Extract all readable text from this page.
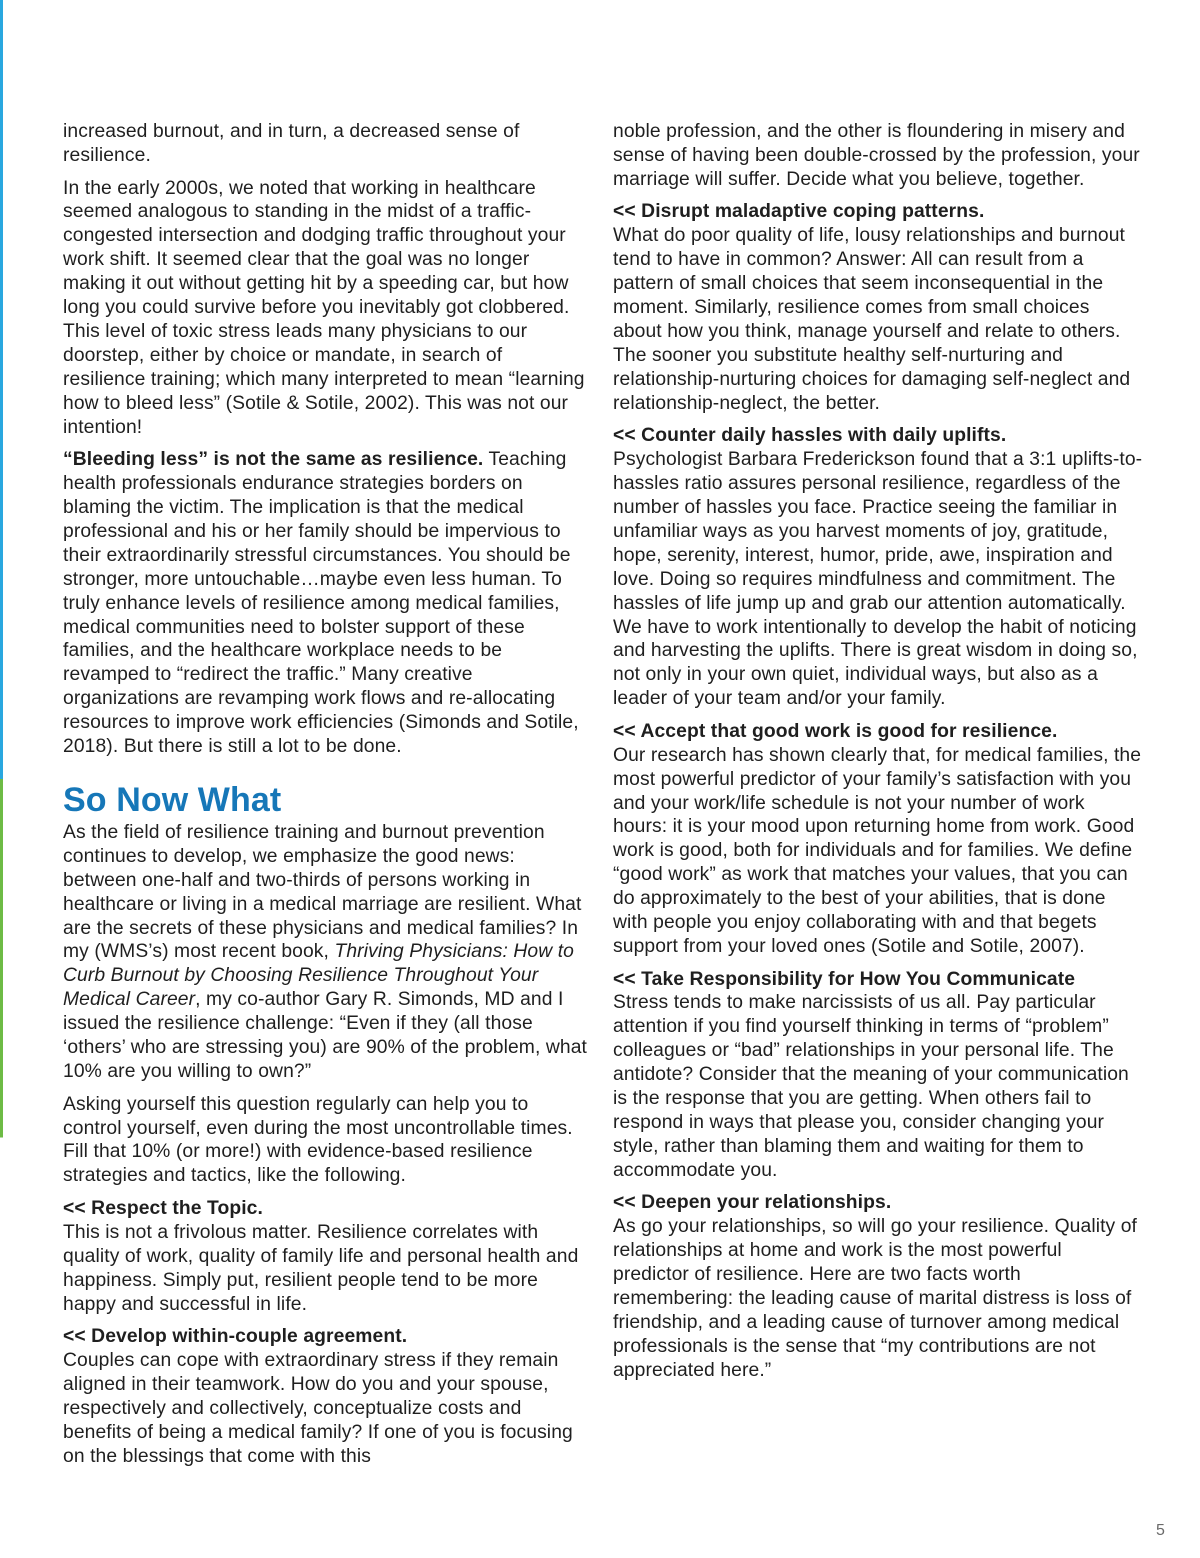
increased burnout, and in turn, a decreased sense of resilience.

In the early 2000s, we noted that working in healthcare seemed analogous to standing in the midst of a traffic-congested intersection and dodging traffic throughout your work shift. It seemed clear that the goal was no longer making it out without getting hit by a speeding car, but how long you could survive before you inevitably got clobbered. This level of toxic stress leads many physicians to our doorstep, either by choice or mandate, in search of resilience training; which many interpreted to mean “learning how to bleed less” (Sotile & Sotile, 2002). This was not our intention!

“Bleeding less” is not the same as resilience. Teaching health professionals endurance strategies borders on blaming the victim. The implication is that the medical professional and his or her family should be impervious to their extraordinarily stressful circumstances. You should be stronger, more untouchable…maybe even less human. To truly enhance levels of resilience among medical families, medical communities need to bolster support of these families, and the healthcare workplace needs to be revamped to “redirect the traffic.” Many creative organizations are revamping work flows and re-allocating resources to improve work efficiencies (Simonds and Sotile, 2018). But there is still a lot to be done.

So Now What

As the field of resilience training and burnout prevention continues to develop, we emphasize the good news: between one-half and two-thirds of persons working in healthcare or living in a medical marriage are resilient. What are the secrets of these physicians and medical families? In my (WMS’s) most recent book, Thriving Physicians: How to Curb Burnout by Choosing Resilience Throughout Your Medical Career, my co-author Gary R. Simonds, MD and I issued the resilience challenge: “Even if they (all those ‘others’ who are stressing you) are 90% of the problem, what 10% are you willing to own?”

Asking yourself this question regularly can help you to control yourself, even during the most uncontrollable times. Fill that 10% (or more!) with evidence-based resilience strategies and tactics, like the following.

<< Respect the Topic.
This is not a frivolous matter. Resilience correlates with quality of work, quality of family life and personal health and happiness. Simply put, resilient people tend to be more happy and successful in life.

<< Develop within-couple agreement.
Couples can cope with extraordinary stress if they remain aligned in their teamwork. How do you and your spouse, respectively and collectively, conceptualize costs and benefits of being a medical family? If one of you is focusing on the blessings that come with this

noble profession, and the other is floundering in misery and sense of having been double-crossed by the profession, your marriage will suffer. Decide what you believe, together.

<< Disrupt maladaptive coping patterns.
What do poor quality of life, lousy relationships and burnout tend to have in common? Answer: All can result from a pattern of small choices that seem inconsequential in the moment. Similarly, resilience comes from small choices about how you think, manage yourself and relate to others. The sooner you substitute healthy self-nurturing and relationship-nurturing choices for damaging self-neglect and relationship-neglect, the better.

<< Counter daily hassles with daily uplifts.
Psychologist Barbara Frederickson found that a 3:1 uplifts-to-hassles ratio assures personal resilience, regardless of the number of hassles you face. Practice seeing the familiar in unfamiliar ways as you harvest moments of joy, gratitude, hope, serenity, interest, humor, pride, awe, inspiration and love. Doing so requires mindfulness and commitment. The hassles of life jump up and grab our attention automatically. We have to work intentionally to develop the habit of noticing and harvesting the uplifts. There is great wisdom in doing so, not only in your own quiet, individual ways, but also as a leader of your team and/or your family.

<< Accept that good work is good for resilience.
Our research has shown clearly that, for medical families, the most powerful predictor of your family’s satisfaction with you and your work/life schedule is not your number of work hours: it is your mood upon returning home from work. Good work is good, both for individuals and for families. We define “good work” as work that matches your values, that you can do approximately to the best of your abilities, that is done with people you enjoy collaborating with and that begets support from your loved ones (Sotile and Sotile, 2007).

<< Take Responsibility for How You Communicate
Stress tends to make narcissists of us all. Pay particular attention if you find yourself thinking in terms of “problem” colleagues or “bad” relationships in your personal life. The antidote? Consider that the meaning of your communication is the response that you are getting. When others fail to respond in ways that please you, consider changing your style, rather than blaming them and waiting for them to accommodate you.

<< Deepen your relationships.
As go your relationships, so will go your resilience. Quality of relationships at home and work is the most powerful predictor of resilience. Here are two facts worth remembering: the leading cause of marital distress is loss of friendship, and a leading cause of turnover among medical professionals is the sense that “my contributions are not appreciated here.”

5
